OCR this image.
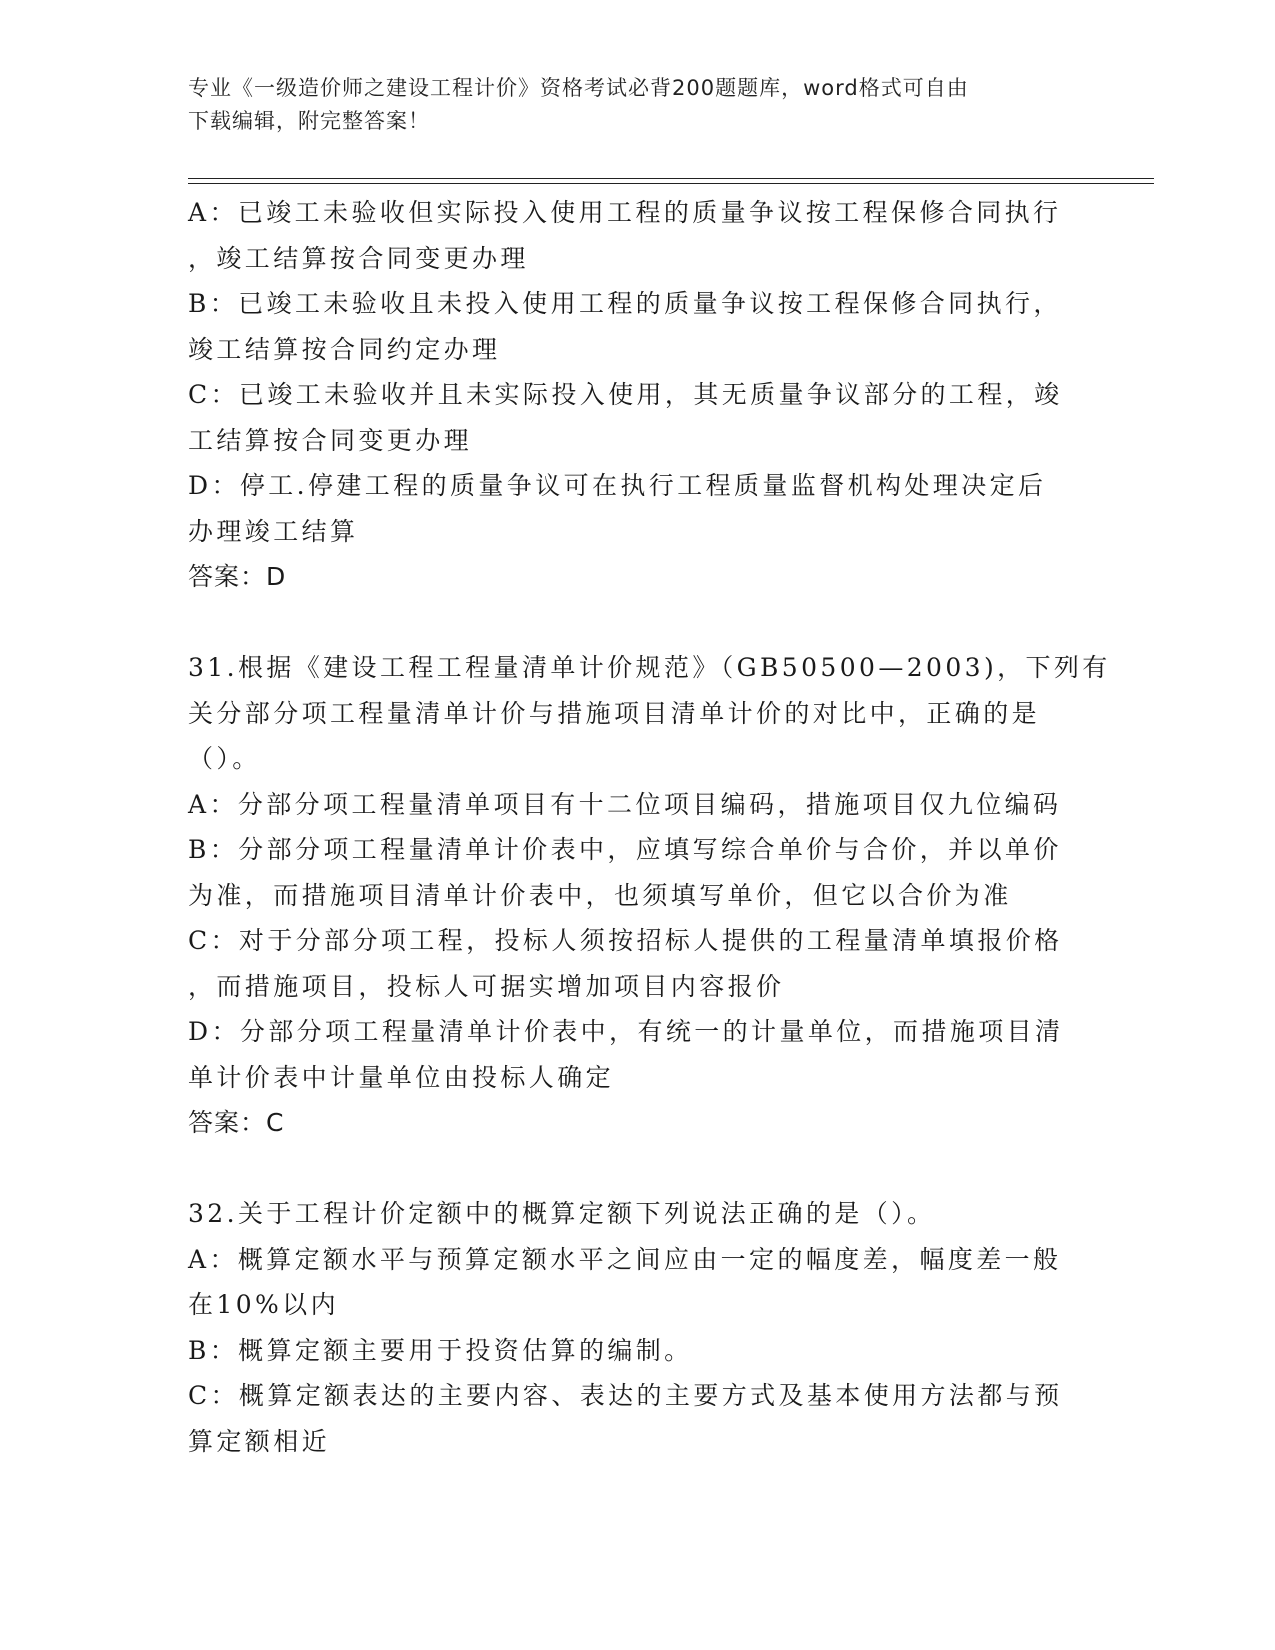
专业《一级造价师之建设工程计价》资格考试必背200题题库，word格式可自由
下载编辑，附完整答案！
A：已竣工未验收但实际投入使用工程的质量争议按工程保修合同执行
，竣工结算按合同变更办理
B：已竣工未验收且未投入使用工程的质量争议按工程保修合同执行，
竣工结算按合同约定办理
C：已竣工未验收并且未实际投入使用，其无质量争议部分的工程，竣
工结算按合同变更办理
D：停工.停建工程的质量争议可在执行工程质量监督机构处理决定后
办理竣工结算
答案：D
31.根据《建设工程工程量清单计价规范》（GB50500—2003)，下列有
关分部分项工程量清单计价与措施项目清单计价的对比中，正确的是
（）。
A：分部分项工程量清单项目有十二位项目编码，措施项目仅九位编码
B：分部分项工程量清单计价表中，应填写综合单价与合价，并以单价
为准，而措施项目清单计价表中，也须填写单价，但它以合价为准
C：对于分部分项工程，投标人须按招标人提供的工程量清单填报价格
，而措施项目，投标人可据实增加项目内容报价
D：分部分项工程量清单计价表中，有统一的计量单位，而措施项目清
单计价表中计量单位由投标人确定
答案：C
32.关于工程计价定额中的概算定额下列说法正确的是（）。
A：概算定额水平与预算定额水平之间应由一定的幅度差，幅度差一般
在10%以内
B：概算定额主要用于投资估算的编制。
C：概算定额表达的主要内容、表达的主要方式及基本使用方法都与预
算定额相近
